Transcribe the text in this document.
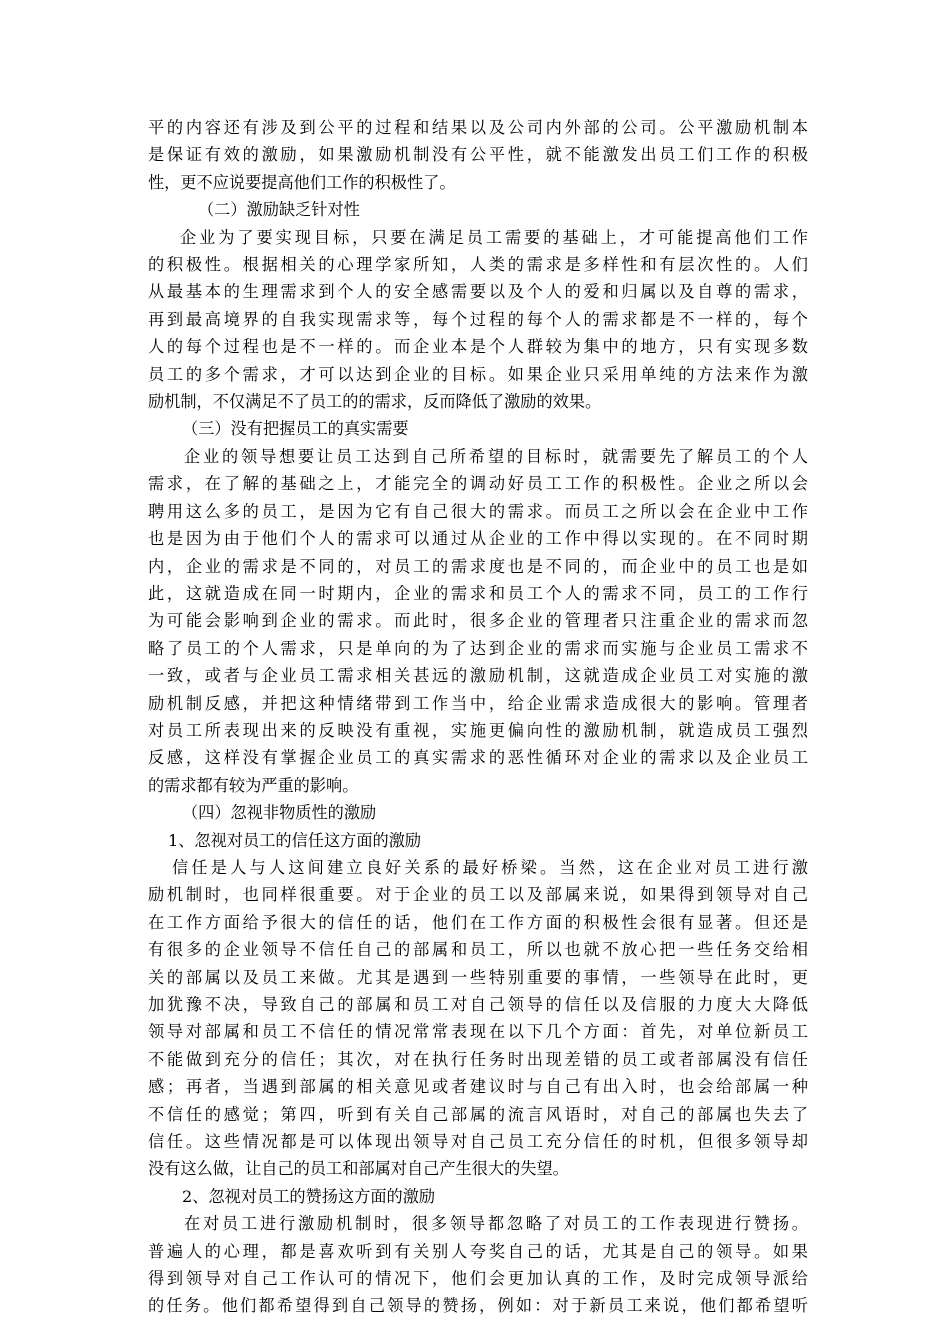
平的内容还有涉及到公平的过程和结果以及公司内外部的公司。公平激励机制本
是保证有效的激励，如果激励机制没有公平性，就不能激发出员工们工作的积极
性，更不应说要提高他们工作的积极性了。
（二）激励缺乏针对性
企业为了要实现目标，只要在满足员工需要的基础上，才可能提高他们工作
的积极性。根据相关的心理学家所知，人类的需求是多样性和有层次性的。人们
从最基本的生理需求到个人的安全感需要以及个人的爱和归属以及自尊的需求，
再到最高境界的自我实现需求等，每个过程的每个人的需求都是不一样的，每个
人的每个过程也是不一样的。而企业本是个人群较为集中的地方，只有实现多数
员工的多个需求，才可以达到企业的目标。如果企业只采用单纯的方法来作为激
励机制，不仅满足不了员工的的需求，反而降低了激励的效果。
（三）没有把握员工的真实需要
企业的领导想要让员工达到自己所希望的目标时，就需要先了解员工的个人
需求，在了解的基础之上，才能完全的调动好员工工作的积极性。企业之所以会
聘用这么多的员工，是因为它有自己很大的需求。而员工之所以会在企业中工作
也是因为由于他们个人的需求可以通过从企业的工作中得以实现的。在不同时期
内，企业的需求是不同的，对员工的需求度也是不同的，而企业中的员工也是如
此，这就造成在同一时期内，企业的需求和员工个人的需求不同，员工的工作行
为可能会影响到企业的需求。而此时，很多企业的管理者只注重企业的需求而忽
略了员工的个人需求，只是单向的为了达到企业的需求而实施与企业员工需求不
一致，或者与企业员工需求相关甚远的激励机制，这就造成企业员工对实施的激
励机制反感，并把这种情绪带到工作当中，给企业需求造成很大的影响。管理者
对员工所表现出来的反映没有重视，实施更偏向性的激励机制，就造成员工强烈
反感，这样没有掌握企业员工的真实需求的恶性循环对企业的需求以及企业员工
的需求都有较为严重的影响。
（四）忽视非物质性的激励
1、忽视对员工的信任这方面的激励
信任是人与人这间建立良好关系的最好桥梁。当然，这在企业对员工进行激
励机制时，也同样很重要。对于企业的员工以及部属来说，如果得到领导对自己
在工作方面给予很大的信任的话，他们在工作方面的积极性会很有显著。但还是
有很多的企业领导不信任自己的部属和员工，所以也就不放心把一些任务交给相
关的部属以及员工来做。尤其是遇到一些特别重要的事情，一些领导在此时，更
加犹豫不决，导致自己的部属和员工对自己领导的信任以及信服的力度大大降低
领导对部属和员工不信任的情况常常表现在以下几个方面：首先，对单位新员工
不能做到充分的信任；其次，对在执行任务时出现差错的员工或者部属没有信任
感；再者，当遇到部属的相关意见或者建议时与自己有出入时，也会给部属一种
不信任的感觉；第四，听到有关自己部属的流言风语时，对自己的部属也失去了
信任。这些情况都是可以体现出领导对自己员工充分信任的时机，但很多领导却
没有这么做，让自己的员工和部属对自己产生很大的失望。
2、忽视对员工的赞扬这方面的激励
在对员工进行激励机制时，很多领导都忽略了对员工的工作表现进行赞扬。
普遍人的心理，都是喜欢听到有关别人夸奖自己的话，尤其是自己的领导。如果
得到领导对自己工作认可的情况下，他们会更加认真的工作，及时完成领导派给
的任务。他们都希望得到自己领导的赞扬，例如：对于新员工来说，他们都希望听
